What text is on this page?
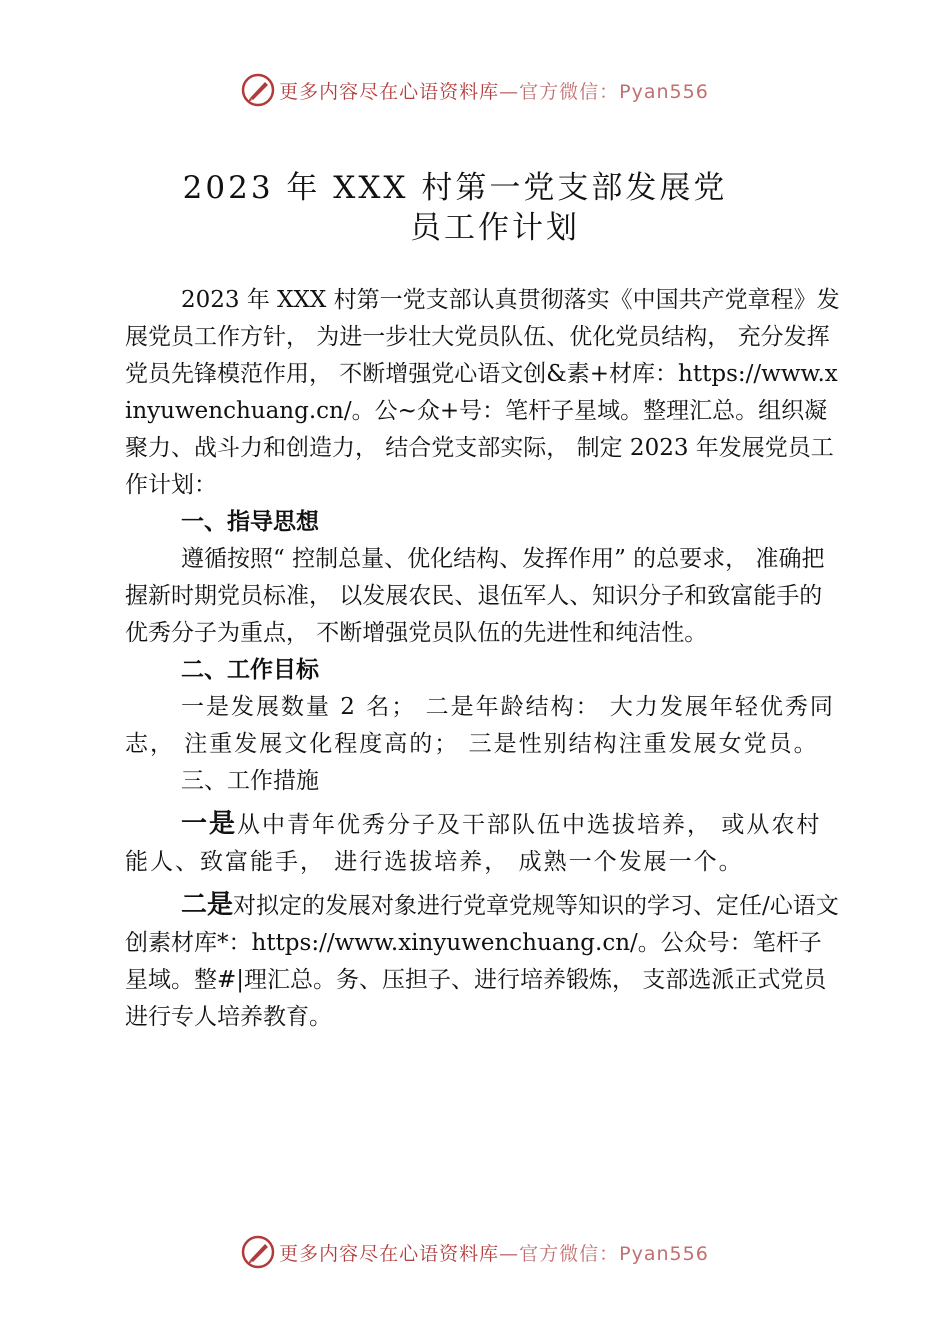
更多内容尽在心语资料库—官方微信：Pyan556
2023 年 XXX 村第一党支部发展党
员工作计划

2023 年 XXX 村第一党支部认真贯彻落实《中国共产党章程》发展党员工作方针， 为进一步壮大党员队伍、优化党员结构， 充分发挥党员先锋模范作用， 不断增强党心语文创&素+材库：https://www.xinyuwenchuang.cn/。公~众+号：笔杆子星域。整理汇总。组织凝聚力、战斗力和创造力， 结合党支部实际， 制定 2023 年发展党员工作计划：

一、指导思想

遵循按照“ 控制总量、优化结构、发挥作用” 的总要求， 准确把握新时期党员标准， 以发展农民、退伍军人、知识分子和致富能手的优秀分子为重点， 不断增强党员队伍的先进性和纯洁性。

二、工作目标

一是发展数量 2 名； 二是年龄结构： 大力发展年轻优秀同志， 注重发展文化程度高的； 三是性别结构注重发展女党员。

三、工作措施

一是从中青年优秀分子及干部队伍中选拔培养， 或从农村能人、致富能手， 进行选拔培养， 成熟一个发展一个。

二是对拟定的发展对象进行党章党规等知识的学习、定任/心语文创素材库*：https://www.xinyuwenchuang.cn/。公众号：笔杆子星域。整#|理汇总。务、压担子、进行培养锻炼， 支部选派正式党员进行专人培养教育。

更多内容尽在心语资料库—官方微信：Pyan556
